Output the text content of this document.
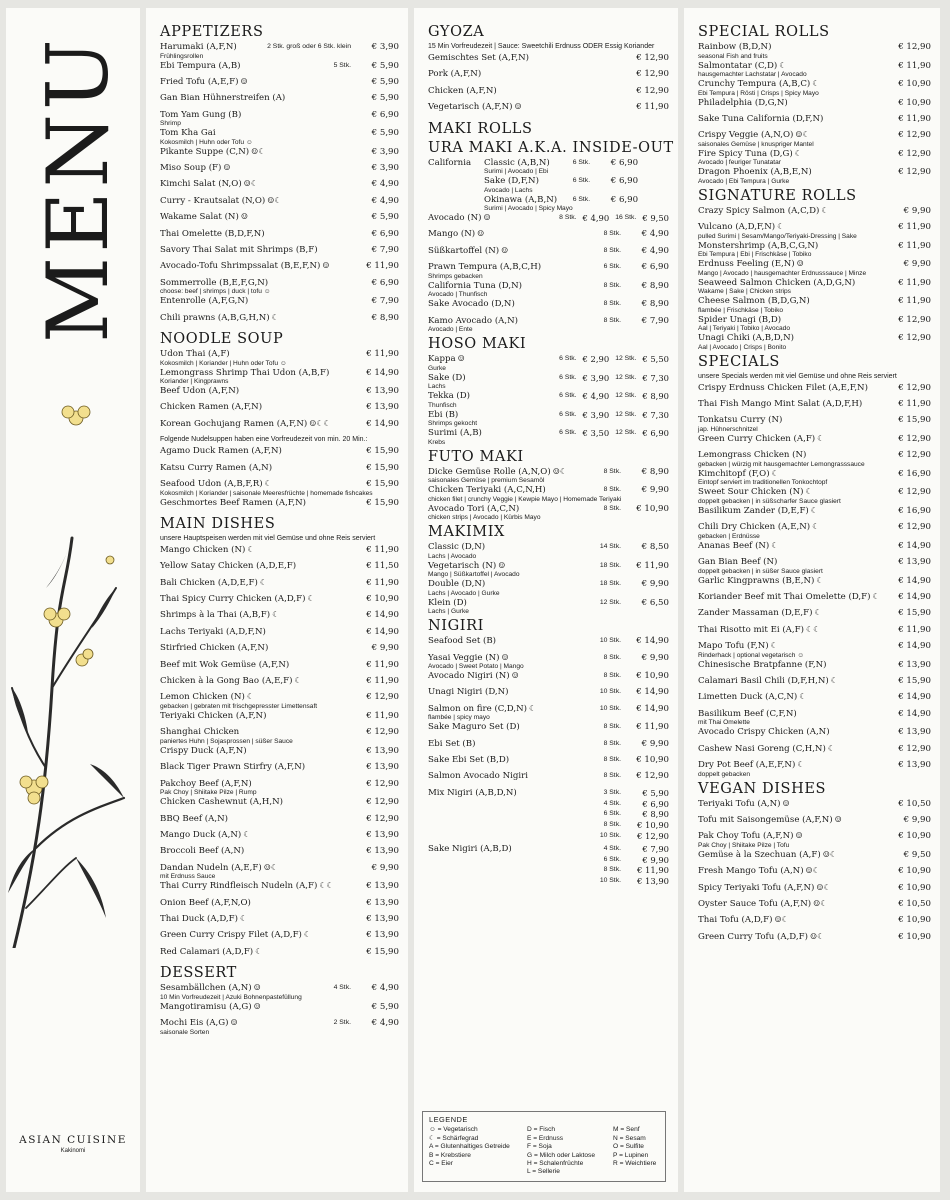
MENU
ASIAN CUISINE
Kakinomi
APPETIZERS
Harumaki (A,F,N)
Frühlingsrollen
2 Stk. groß oder 6 Stk. klein	€ 3,90
Ebi Tempura (A,B)	5 Stk.	€ 5,90
Fried Tofu (A,E,F) ☺	€ 5,90
Gan Bian Hühnerstreifen (A)	€ 5,90
Tom Yam Gung (B)
Shrimp
€ 6,90
Tom Kha Gai
Kokosmilch | Huhn oder Tofu ☺
€ 5,90
Pikante Suppe (C,N) ☺☾	€ 3,90
Miso Soup (F) ☺	€ 3,90
Kimchi Salat (N,O) ☺☾	€ 4,90
Curry - Krautsalat (N,O) ☺☾	€ 4,90
Wakame Salat (N) ☺	€ 5,90
Thai Omelette (B,D,F,N)	€ 6,90
Savory Thai Salat mit Shrimps (B,F)	€ 7,90
Avocado-Tofu Shrimpssalat (B,E,F,N) ☺	€ 11,90
Sommerrolle (B,E,F,G,N)
choose: beef | shrimps | duck | tofu ☺
€ 6,90
Entenrolle (A,F,G,N)	€ 7,90
Chili prawns (A,B,G,H,N) ☾	€ 8,90
NOODLE SOUP
Udon Thai (A,F)
Kokosmilch | Koriander | Huhn oder Tofu ☺
€ 11,90
Lemongrass Shrimp Thai Udon (A,B,F)
Koriander | Kingprawns
€ 14,90
Beef Udon (A,F,N)	€ 13,90
Chicken Ramen (A,F,N)	€ 13,90
Korean Gochujang Ramen (A,F,N) ☺☾☾	€ 14,90
Folgende Nudelsuppen haben eine Vorfreudezeit von min. 20 Min.:
Agamo Duck Ramen (A,F,N)	€ 15,90
Katsu Curry Ramen (A,N)	€ 15,90
Seafood Udon (A,B,F,R) ☾
Kokosmilch | Koriander | saisonale Meeresfrüchte | homemade fishcakes
€ 15,90
Geschmortes Beef Ramen (A,F,N)	€ 15,90
MAIN DISHES
unsere Hauptspeisen werden mit viel Gemüse und ohne Reis serviert
Mango Chicken (N) ☾	€ 11,90
Yellow Satay Chicken (A,D,E,F)	€ 11,50
Bali Chicken (A,D,E,F) ☾	€ 11,90
Thai Spicy Curry Chicken (A,D,F) ☾	€ 10,90
Shrimps à la Thai (A,B,F) ☾	€ 14,90
Lachs Teriyaki (A,D,F,N)	€ 14,90
Stirfried Chicken (A,F,N)	€ 9,90
Beef mit Wok Gemüse (A,F,N)	€ 11,90
Chicken à la Gong Bao (A,E,F) ☾	€ 11,90
Lemon Chicken (N) ☾
gebacken | gebraten mit frischgepresster Limettensaft
€ 12,90
Teriyaki Chicken (A,F,N)	€ 11,90
Shanghai Chicken
paniertes Huhn | Sojasprossen | süßer Sauce
€ 12,90
Crispy Duck (A,F,N)	€ 13,90
Black Tiger Prawn Stirfry (A,F,N)	€ 13,90
Pakchoy Beef (A,F,N)
Pak Choy | Shiitake Pilze | Rump
€ 12,90
Chicken Cashewnut (A,H,N)	€ 12,90
BBQ Beef (A,N)	€ 12,90
Mango Duck (A,N) ☾	€ 13,90
Broccoli Beef (A,N)	€ 13,90
Dandan Nudeln (A,E,F) ☺☾
mit Erdnuss Sauce
€ 9,90
Thai Curry Rindfleisch Nudeln (A,F) ☾☾	€ 13,90
Onion Beef (A,F,N,O)	€ 13,90
Thai Duck (A,D,F) ☾	€ 13,90
Green Curry Crispy Filet (A,D,F) ☾	€ 13,90
Red Calamari (A,D,F) ☾	€ 15,90
DESSERT
Sesambällchen (A,N) ☺
10 Min Vorfreudezeit | Azuki Bohnenpastefüllung
4 Stk.	€ 4,90
Mangotiramisu (A,G) ☺	€ 5,90
Mochi Eis (A,G) ☺
saisonale Sorten
2 Stk.	€ 4,90
GYOZA
15 Min Vorfreudezeit | Sauce: Sweetchili Erdnuss ODER Essig Koriander
Gemischtes Set (A,F,N)	€ 12,90
Pork (A,F,N)	€ 12,90
Chicken (A,F,N)	€ 12,90
Vegetarisch (A,F,N) ☺	€ 11,90
MAKI ROLLS
URA MAKI A.K.A. INSIDE-OUT
California	Classic (A,B,N)
Surimi | Avocado | Ebi
6 Stk.	€ 6,90
Sake (D,F,N)
Avocado | Lachs
6 Stk.	€ 6,90
Okinawa (A,B,N)
Surimi | Avocado | Spicy Mayo
6 Stk.	€ 6,90
Avocado (N) ☺	8 Stk. € 4,90 16 Stk. € 9,50
Mango (N) ☺	8 Stk.	€ 4,90
Süßkartoffel (N) ☺	8 Stk.	€ 4,90
Prawn Tempura (A,B,C,H)
Shrimps gebacken
6 Stk.	€ 6,90
California Tuna (D,N)
Avocado | Thunfisch
8 Stk.	€ 8,90
Sake Avocado (D,N)	8 Stk.	€ 8,90
Kamo Avocado (A,N)
Avocado | Ente
8 Stk.	€ 7,90
HOSO MAKI
Kappa ☺
Gurke
6 Stk. € 2,90 12 Stk. € 5,50
Sake (D)
Lachs
6 Stk. € 3,90 12 Stk. € 7,30
Tekka (D)
Thunfisch
6 Stk. € 4,90 12 Stk. € 8,90
Ebi (B)
Shrimps gekocht
6 Stk. € 3,90 12 Stk. € 7,30
Surimi (A,B)
Krebs
6 Stk. € 3,50 12 Stk. € 6,90
FUTO MAKI
Dicke Gemüse Rolle (A,N,O) ☺☾
saisonales Gemüse | premium Sesamöl
8 Stk.	€ 8,90
Chicken Teriyaki (A,C,N,H)
chicken filet | crunchy Veggie | Kewpie Mayo | Homemade Teriyaki
8 Stk.	€ 9,90
Avocado Tori (A,C,N)
chicken strips | Avocado | Kürbis Mayo
8 Stk.	€ 10,90
MAKIMIX
Classic (D,N)
Lachs | Avocado
14 Stk.	€ 8,50
Vegetarisch (N) ☺
Mango | Süßkartoffel | Avocado
18 Stk.	€ 11,90
Double (D,N)
Lachs | Avocado | Gurke
18 Stk.	€ 9,90
Klein (D)
Lachs | Gurke
12 Stk.	€ 6,50
NIGIRI
Seafood Set (B)	10 Stk.	€ 14,90
Yasai Veggie (N) ☺
Avocado | Sweet Potato | Mango
8 Stk.	€ 9,90
Avocado Nigiri (N) ☺	8 Stk.	€ 10,90
Unagi Nigiri (D,N)	10 Stk.	€ 14,90
Salmon on fire (C,D,N) ☾
flambée | spicy mayo
10 Stk.	€ 14,90
Sake Maguro Set (D)	8 Stk.	€ 11,90
Ebi Set (B)	8 Stk.	€ 9,90
Sake Ebi Set (B,D)	8 Stk.	€ 10,90
Salmon Avocado Nigiri	8 Stk.	€ 12,90
Mix Nigiri (A,B,D,N)	3 Stk.	€ 5,90
4 Stk.	€ 6,90
6 Stk.	€ 8,90
8 Stk.	€ 10,90
10 Stk.	€ 12,90
Sake Nigiri (A,B,D)	4 Stk.	€ 7,90
6 Stk.	€ 9,90
8 Stk.	€ 11,90
10 Stk.	€ 13,90
LEGENDE
☺ = Vegetarisch	D = Fisch	M = Senf
☾ = Schärfegrad	E = Erdnuss	N = Sesam
A = Glutenhaltiges Getreide	F = Soja	O = Sulfite
B = Krebstiere	G = Milch oder Laktose	P = Lupinen
C = Eier	H = Schalenfrüchte	R = Weichtiere
L = Sellerie
SPECIAL ROLLS
Rainbow (B,D,N)
seasonal Fish and fruits
€ 12,90
Salmontatar (C,D) ☾
hausgemachter Lachstatar | Avocado
€ 11,90
Crunchy Tempura (A,B,C) ☾
Ebi Tempura | Rösti | Crisps | Spicy Mayo
€ 10,90
Philadelphia (D,G,N)	€ 10,90
Sake Tuna California (D,F,N)	€ 11,90
Crispy Veggie (A,N,O) ☺☾
saisonales Gemüse | knuspriger Mantel
€ 12,90
Fire Spicy Tuna (D,G) ☾
Avocado | feuriger Tunatatar
€ 12,90
Dragon Phoenix (A,B,E,N)
Avocado | Ebi Tempura | Gurke
€ 12,90
SIGNATURE ROLLS
Crazy Spicy Salmon (A,C,D) ☾	€ 9,90
Vulcano (A,D,F,N) ☾
pulled Surimi | Sesam/Mango/Teriyaki-Dressing | Sake
€ 11,90
Monstershrimp (A,B,C,G,N)
Ebi Tempura | Ebi | Frischkäse | Tobiko
€ 11,90
Erdnuss Feeling (E,N) ☺
Mango | Avocado | hausgemachter Erdnusssauce | Minze
€ 9,90
Seaweed Salmon Chicken (A,D,G,N)
Wakame | Sake | Chicken strips
€ 11,90
Cheese Salmon (B,D,G,N)
flambée | Frischkäse | Tobiko
€ 11,90
Spider Unagi (B,D)
Aal | Teriyaki | Tobiko | Avocado
€ 12,90
Unagi Chiki (A,B,D,N)
Aal | Avocado | Crisps | Bonito
€ 12,90
SPECIALS
unsere Specials werden mit viel Gemüse und ohne Reis serviert
Crispy Erdnuss Chicken Filet (A,E,F,N)	€ 12,90
Thai Fish Mango Mint Salat (A,D,F,H)	€ 11,90
Tonkatsu Curry (N)
jap. Hühnerschnitzel
€ 15,90
Green Curry Chicken (A,F) ☾	€ 12,90
Lemongrass Chicken (N)
gebacken | würzig mit hausgemachter Lemongrasssauce
€ 12,90
Kimchitopf (F,O) ☾
Eintopf serviert im traditionellen Tonkochtopf
€ 16,90
Sweet Sour Chicken (N) ☾
doppelt gebacken | in süßscharfer Sauce glasiert
€ 12,90
Basilikum Zander (D,E,F) ☾	€ 16,90
Chili Dry Chicken (A,E,N) ☾
gebacken | Erdnüsse
€ 12,90
Ananas Beef (N) ☾	€ 14,90
Gan Bian Beef (N)
doppelt gebacken | in süßer Sauce glasiert
€ 13,90
Garlic Kingprawns (B,E,N) ☾	€ 14,90
Koriander Beef mit Thai Omelette (D,F) ☾	€ 14,90
Zander Massaman (D,E,F) ☾	€ 15,90
Thai Risotto mit Ei (A,F) ☾☾	€ 11,90
Mapo Tofu (F,N) ☾
Rinderhack | optional vegetarisch ☺
€ 14,90
Chinesische Bratpfanne (F,N)	€ 13,90
Calamari Basil Chili (D,F,H,N) ☾	€ 15,90
Limetten Duck (A,C,N) ☾	€ 14,90
Basilikum Beef (C,F,N)
mit Thai Omelette
€ 14,90
Avocado Crispy Chicken (A,N)	€ 13,90
Cashew Nasi Goreng (C,H,N) ☾	€ 12,90
Dry Pot Beef (A,E,F,N) ☾
doppelt gebacken
€ 13,90
VEGAN DISHES
Teriyaki Tofu (A,N) ☺	€ 10,50
Tofu mit Saisongemüse (A,F,N) ☺	€ 9,90
Pak Choy Tofu (A,F,N) ☺
Pak Choy | Shiitake Pilze | Tofu
€ 10,90
Gemüse à la Szechuan (A,F) ☺☾	€ 9,50
Fresh Mango Tofu (A,N) ☺☾	€ 10,90
Spicy Teriyaki Tofu (A,F,N) ☺☾	€ 10,90
Oyster Sauce Tofu (A,F,N) ☺☾	€ 10,50
Thai Tofu (A,D,F) ☺☾	€ 10,90
Green Curry Tofu (A,D,F) ☺☾	€ 10,90
